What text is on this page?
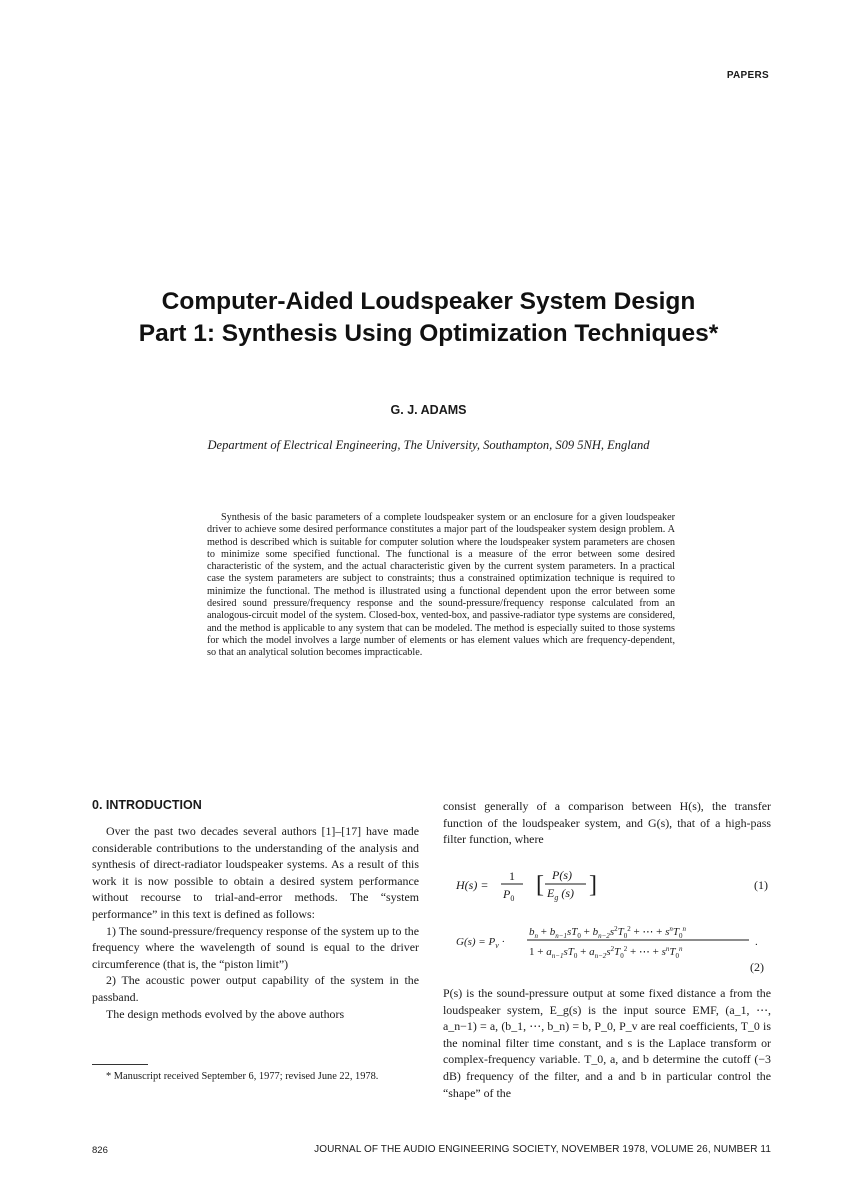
PAPERS
Computer-Aided Loudspeaker System Design
Part 1: Synthesis Using Optimization Techniques*
G. J. ADAMS
Department of Electrical Engineering, The University, Southampton, S09 5NH, England
Synthesis of the basic parameters of a complete loudspeaker system or an enclosure for a given loudspeaker driver to achieve some desired performance constitutes a major part of the loudspeaker system design problem. A method is described which is suitable for computer solution where the loudspeaker system parameters are chosen to minimize some specified functional. The functional is a measure of the error between some desired characteristic of the system, and the actual characteristic given by the current system parameters. In a practical case the system parameters are subject to constraints; thus a constrained optimization technique is required to minimize the functional. The method is illustrated using a functional dependent upon the error between some desired sound pressure/frequency response and the sound-pressure/frequency response calculated from an analogous-circuit model of the system. Closed-box, vented-box, and passive-radiator type systems are considered, and the method is applicable to any system that can be modeled. The method is especially suited to those systems for which the model involves a large number of elements or has element values which are frequency-dependent, so that an analytical solution becomes impracticable.
0. INTRODUCTION

Over the past two decades several authors [1]–[17] have made considerable contributions to the understanding of the analysis and synthesis of direct-radiator loudspeaker systems. As a result of this work it is now possible to obtain a desired system performance without recourse to trial-and-error methods. The “system performance” in this text is defined as follows:

1) The sound-pressure/frequency response of the system up to the frequency where the wavelength of sound is equal to the driver circumference (that is, the “piston limit”)

2) The acoustic power output capability of the system in the passband.

The design methods evolved by the above authors

consist generally of a comparison between H(s), the transfer function of the loudspeaker system, and G(s), that of a high-pass filter function, where

H(s) =
1
$P_0$
[ P(s)
$E_g$ (s) ]	(1)
$G(s) = P_\nu$ ·
$b_n + b_{n-1}sT_0 + b_{n-2}s^2T_0^2$ + ⋯ + $s^nT_0^n$
$1 + a_{n-1}sT_0 + a_{n-2}s^2T_0^2$ + ⋯ + $s^nT_0^n$
.
(2)

P(s) is the sound-pressure output at some fixed distance a from the loudspeaker system, E_g(s) is the input source EMF, (a_1, ⋯, a_n−1) = a, (b_1, ⋯, b_n) = b, P_0, P_v are real coefficients, T_0 is the nominal filter time constant, and s is the Laplace transform or complex-frequency variable. T_0, a, and b determine the cutoff (−3 dB) frequency of the filter, and a and b in particular control the “shape” of the

* Manuscript received September 6, 1977; revised June 22, 1978.
826	JOURNAL OF THE AUDIO ENGINEERING SOCIETY, NOVEMBER 1978, VOLUME 26, NUMBER 11
